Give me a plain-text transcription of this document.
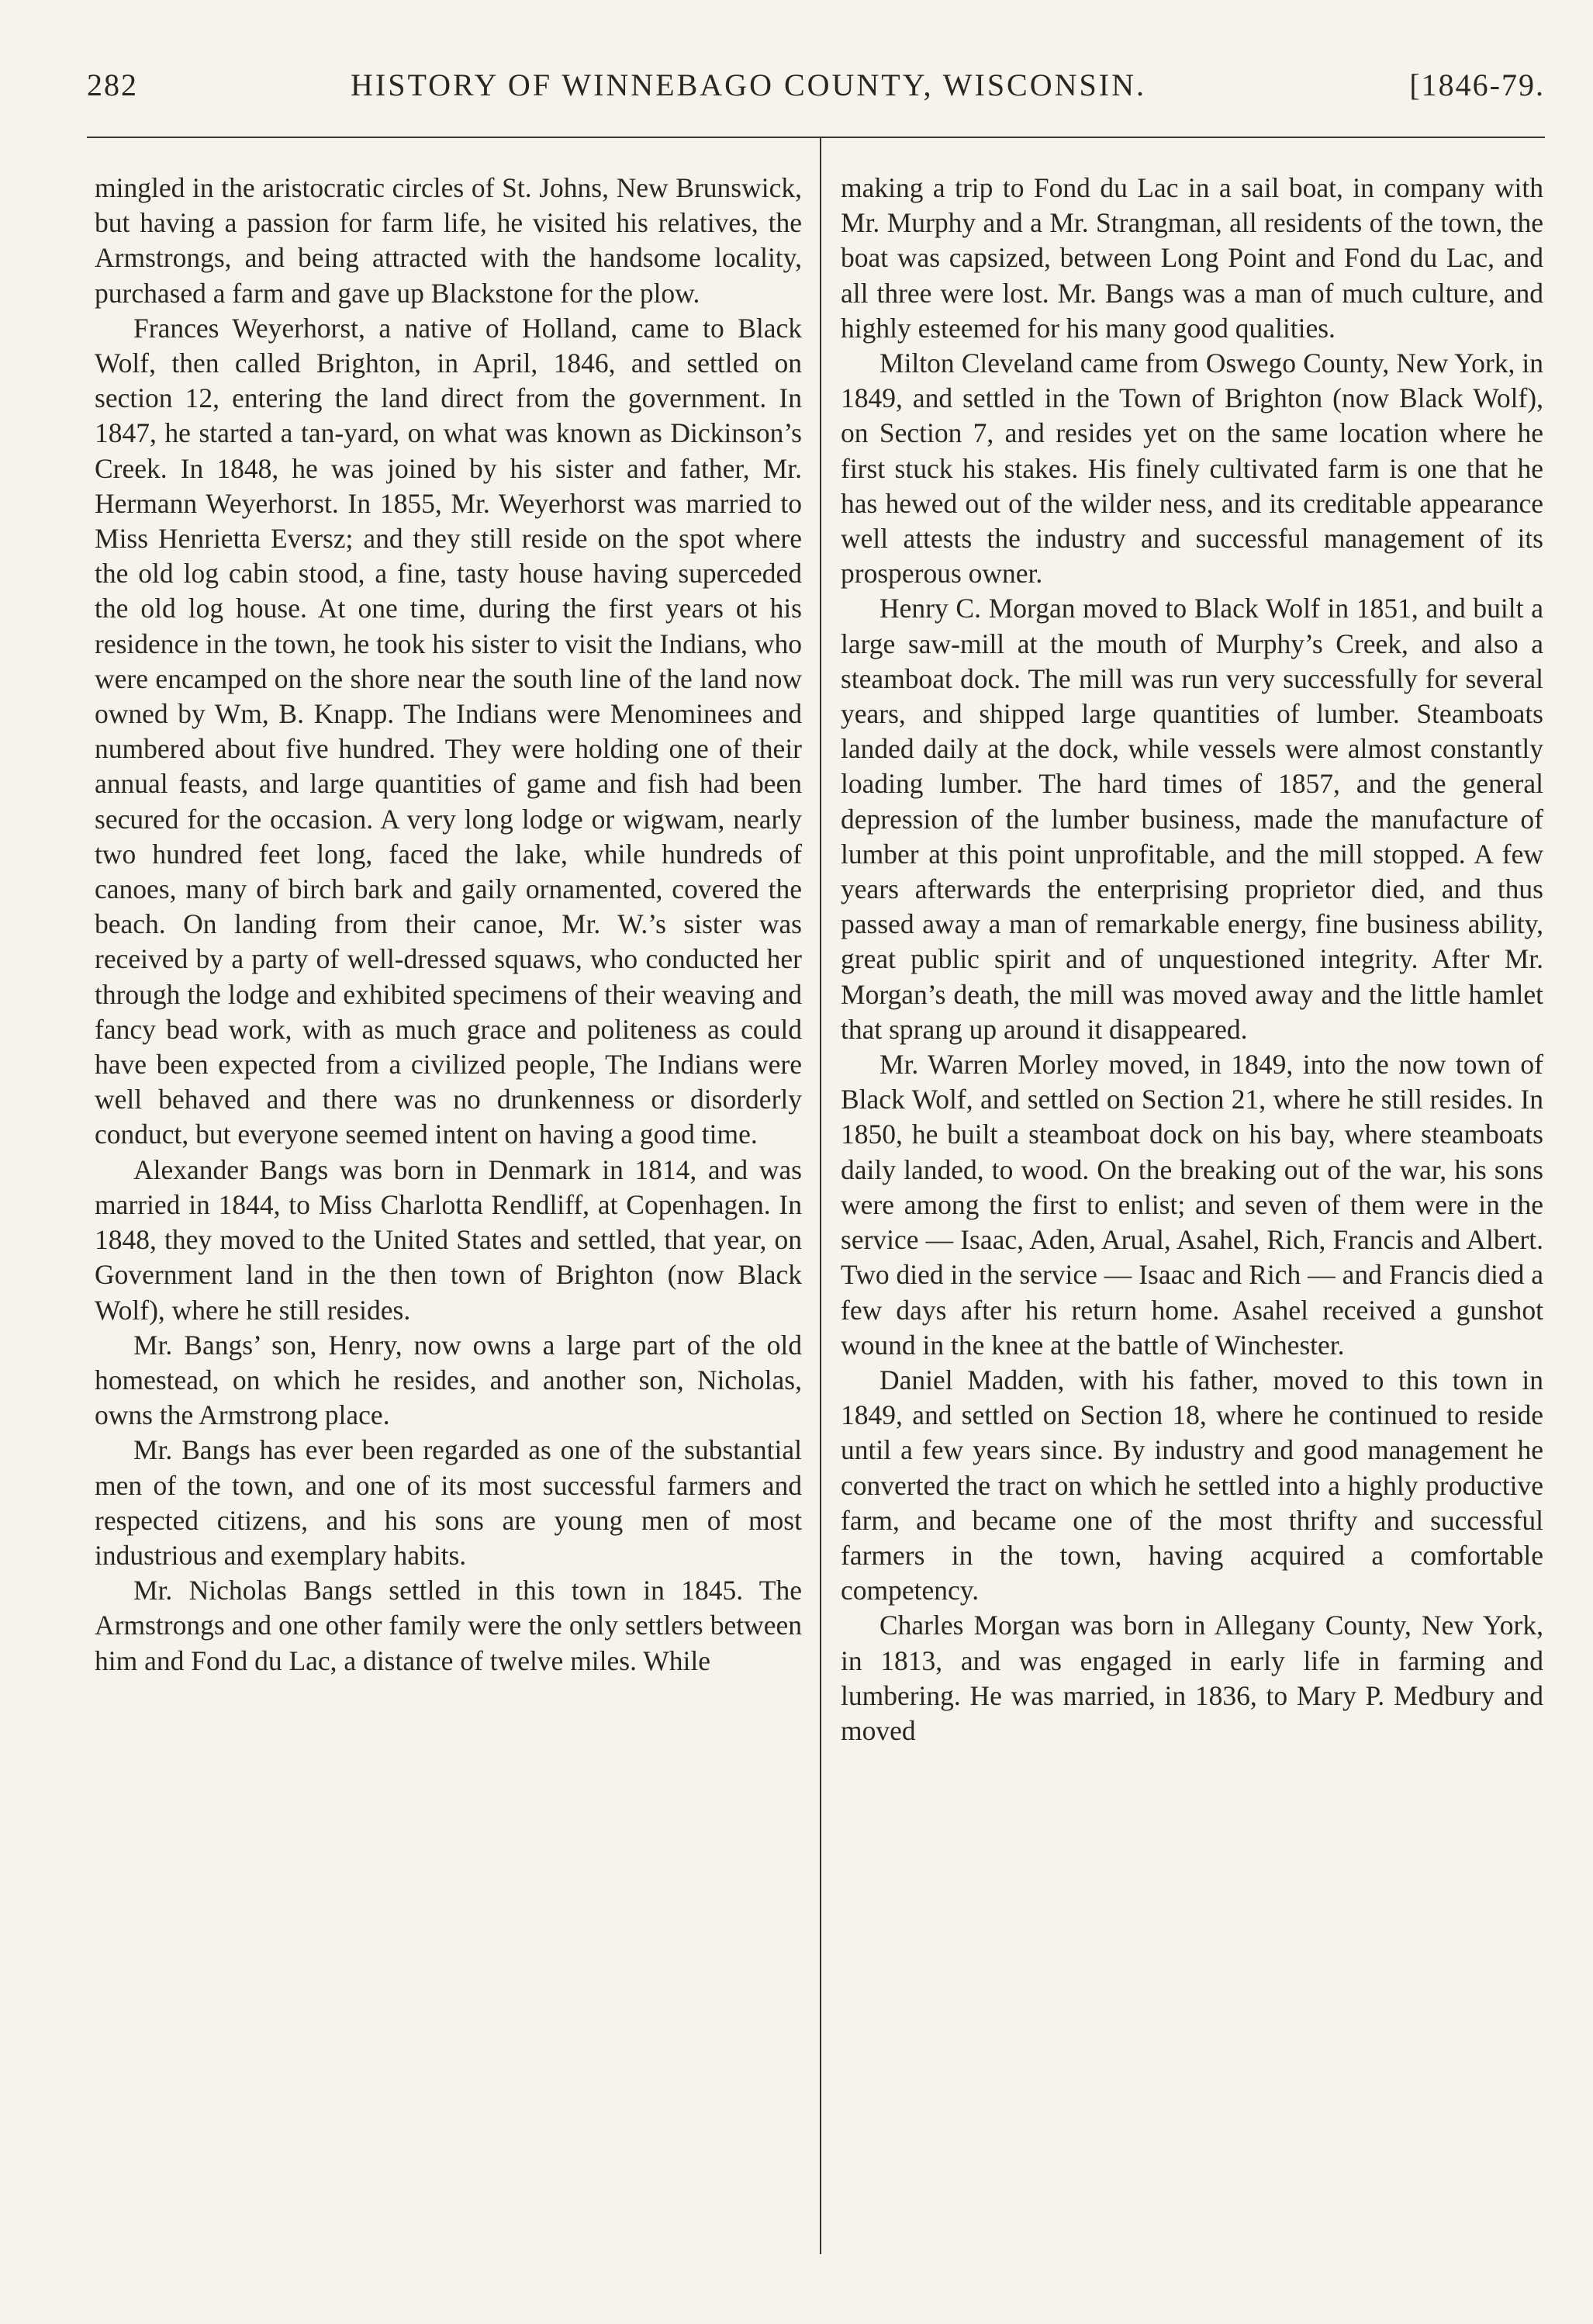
282	HISTORY OF WINNEBAGO COUNTY, WISCONSIN.	[1846-79.

mingled in the aristocratic circles of St. Johns, New Brunswick, but having a passion for farm life, he visited his relatives, the Armstrongs, and being attracted with the handsome locality, purchased a farm and gave up Blackstone for the plow.

Frances Weyerhorst, a native of Holland, came to Black Wolf, then called Brighton, in April, 1846, and settled on section 12, entering the land direct from the government. In 1847, he started a tan-yard, on what was known as Dickinson’s Creek. In 1848, he was joined by his sister and father, Mr. Hermann Weyerhorst. In 1855, Mr. Weyerhorst was married to Miss Henrietta Eversz; and they still reside on the spot where the old log cabin stood, a fine, tasty house having superceded the old log house. At one time, during the first years ot his residence in the town, he took his sister to visit the Indians, who were encamped on the shore near the south line of the land now owned by Wm, B. Knapp. The Indians were Menominees and numbered about five hundred. They were holding one of their annual feasts, and large quantities of game and fish had been secured for the occasion. A very long lodge or wigwam, nearly two hundred feet long, faced the lake, while hundreds of canoes, many of birch bark and gaily ornamented, covered the beach. On landing from their canoe, Mr. W.’s sister was received by a party of well-dressed squaws, who conducted her through the lodge and exhibited specimens of their weaving and fancy bead work, with as much grace and politeness as could have been expected from a civilized people, The Indians were well behaved and there was no drunkenness or disorderly conduct, but everyone seemed intent on having a good time.

Alexander Bangs was born in Denmark in 1814, and was married in 1844, to Miss Charlotta Rendliff, at Copenhagen. In 1848, they moved to the United States and settled, that year, on Government land in the then town of Brighton (now Black Wolf), where he still resides.

Mr. Bangs’ son, Henry, now owns a large part of the old homestead, on which he resides, and another son, Nicholas, owns the Armstrong place.

Mr. Bangs has ever been regarded as one of the substantial men of the town, and one of its most successful farmers and respected citizens, and his sons are young men of most industrious and exemplary habits.

Mr. Nicholas Bangs settled in this town in 1845. The Armstrongs and one other family were the only settlers between him and Fond du Lac, a distance of twelve miles. While

making a trip to Fond du Lac in a sail boat, in company with Mr. Murphy and a Mr. Strangman, all residents of the town, the boat was capsized, between Long Point and Fond du Lac, and all three were lost. Mr. Bangs was a man of much culture, and highly esteemed for his many good qualities.

Milton Cleveland came from Oswego County, New York, in 1849, and settled in the Town of Brighton (now Black Wolf), on Section 7, and resides yet on the same location where he first stuck his stakes. His finely cultivated farm is one that he has hewed out of the wilder ness, and its creditable appearance well attests the industry and successful management of its prosperous owner.

Henry C. Morgan moved to Black Wolf in 1851, and built a large saw-mill at the mouth of Murphy’s Creek, and also a steamboat dock. The mill was run very successfully for several years, and shipped large quantities of lumber. Steamboats landed daily at the dock, while vessels were almost constantly loading lumber. The hard times of 1857, and the general depression of the lumber business, made the manufacture of lumber at this point unprofitable, and the mill stopped. A few years afterwards the enterprising proprietor died, and thus passed away a man of remarkable energy, fine business ability, great public spirit and of unquestioned integrity. After Mr. Morgan’s death, the mill was moved away and the little hamlet that sprang up around it disappeared.

Mr. Warren Morley moved, in 1849, into the now town of Black Wolf, and settled on Section 21, where he still resides. In 1850, he built a steamboat dock on his bay, where steamboats daily landed, to wood. On the breaking out of the war, his sons were among the first to enlist; and seven of them were in the service — Isaac, Aden, Arual, Asahel, Rich, Francis and Albert. Two died in the service — Isaac and Rich — and Francis died a few days after his return home. Asahel received a gunshot wound in the knee at the battle of Winchester.

Daniel Madden, with his father, moved to this town in 1849, and settled on Section 18, where he continued to reside until a few years since. By industry and good management he converted the tract on which he settled into a highly productive farm, and became one of the most thrifty and successful farmers in the town, having acquired a comfortable competency.

Charles Morgan was born in Allegany County, New York, in 1813, and was engaged in early life in farming and lumbering. He was married, in 1836, to Mary P. Medbury and moved
